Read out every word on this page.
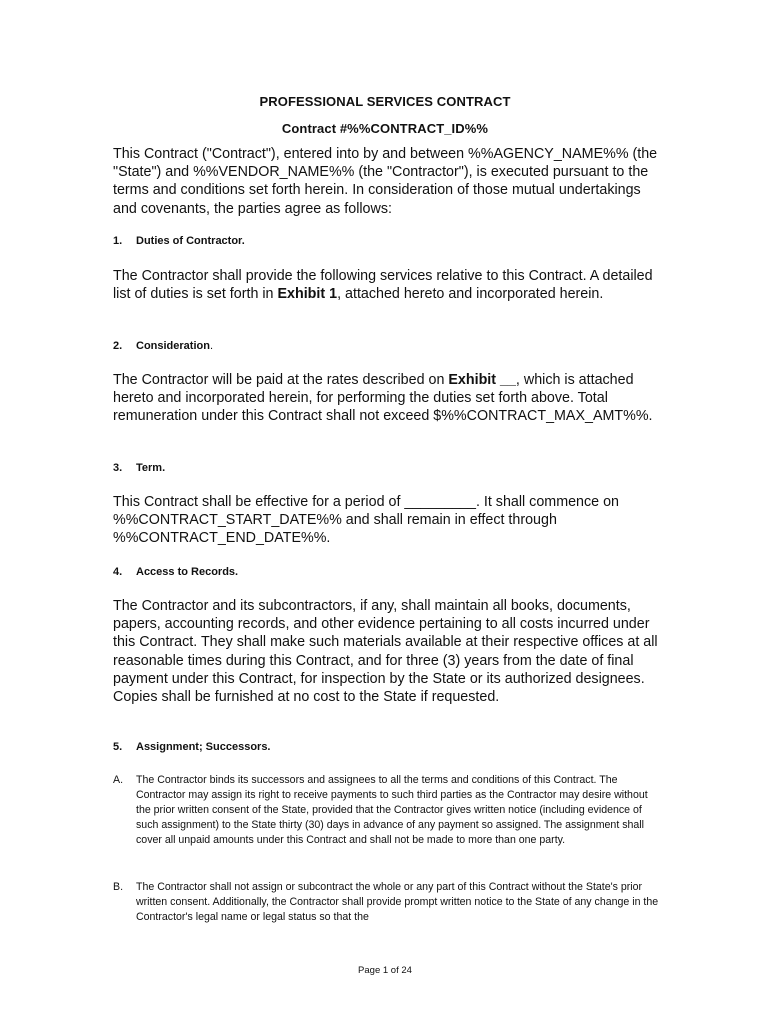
PROFESSIONAL SERVICES CONTRACT
Contract #%%CONTRACT_ID%%

This Contract ("Contract"), entered into by and between %%AGENCY_NAME%% (the "State") and %%VENDOR_NAME%% (the "Contractor"), is executed pursuant to the terms and conditions set forth herein. In consideration of those mutual undertakings and covenants, the parties agree as follows:

1. Duties of Contractor.

The Contractor shall provide the following services relative to this Contract. A detailed list of duties is set forth in Exhibit 1, attached hereto and incorporated herein.

2. Consideration.

The Contractor will be paid at the rates described on Exhibit __, which is attached hereto and incorporated herein, for performing the duties set forth above. Total remuneration under this Contract shall not exceed $%%CONTRACT_MAX_AMT%%.

3. Term.

This Contract shall be effective for a period of _________. It shall commence on %%CONTRACT_START_DATE%% and shall remain in effect through %%CONTRACT_END_DATE%%.

4. Access to Records.

The Contractor and its subcontractors, if any, shall maintain all books, documents, papers, accounting records, and other evidence pertaining to all costs incurred under this Contract. They shall make such materials available at their respective offices at all reasonable times during this Contract, and for three (3) years from the date of final payment under this Contract, for inspection by the State or its authorized designees. Copies shall be furnished at no cost to the State if requested.

5. Assignment; Successors.
A. The Contractor binds its successors and assignees to all the terms and conditions of this Contract. The Contractor may assign its right to receive payments to such third parties as the Contractor may desire without the prior written consent of the State, provided that the Contractor gives written notice (including evidence of such assignment) to the State thirty (30) days in advance of any payment so assigned. The assignment shall cover all unpaid amounts under this Contract and shall not be made to more than one party.
B. The Contractor shall not assign or subcontract the whole or any part of this Contract without the State's prior written consent. Additionally, the Contractor shall provide prompt written notice to the State of any change in the Contractor's legal name or legal status so that the
Page 1 of 24
